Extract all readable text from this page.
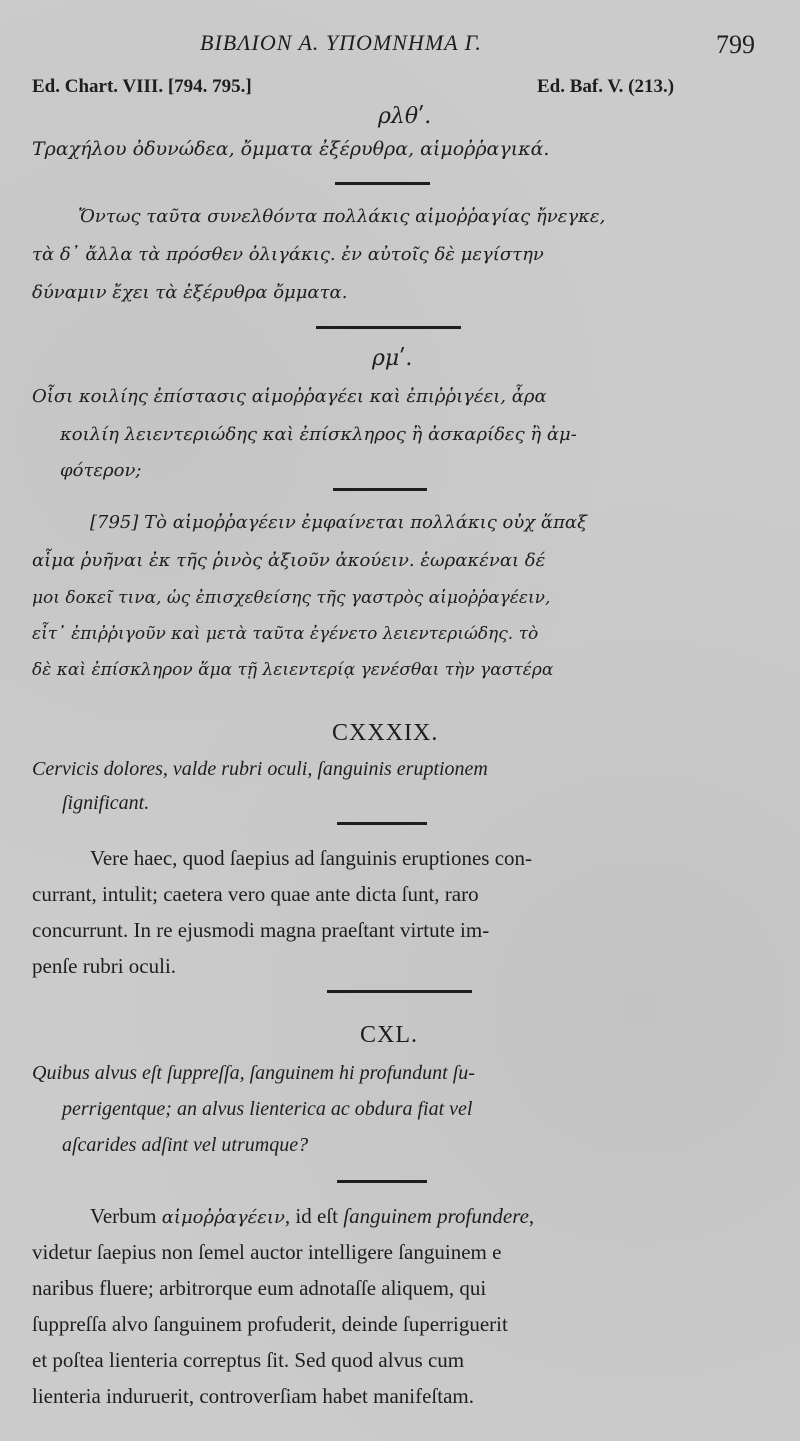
ΒΙΒΛΙΟΝ Α. ΥΠΟΜΝΗΜΑ Γ.	799
Ed. Chart. VIII. [794. 795.]	Ed. Baf. V. (213.)
ρλθʹ.
Τραχήλου ὀδυνώδεα, ὄμματα ἐξέρυθρα, αἱμοῤῥαγικά.
Ὄντως ταῦτα συνελθόντα πολλάκις αἱμοῤῥαγίας ἤνεγκε,
τὰ δ᾽ ἄλλα τὰ πρόσθεν ὀλιγάκις. ἐν αὐτοῖς δὲ μεγίστην
δύναμιν ἔχει τὰ ἐξέρυθρα ὄμματα.
ρμʹ.
Οἷσι κοιλίης ἐπίστασις αἱμοῤῥαγέει καὶ ἐπιῤῥιγέει, ἆρα
κοιλίη λειεντεριώδης καὶ ἐπίσκληρος ἢ ἀσκαρίδες ἢ ἀμ-
φότερον;
[795] Τὸ αἱμοῤῥαγέειν ἐμφαίνεται πολλάκις οὐχ ἅπαξ
αἷμα ῥυῆναι ἐκ τῆς ῥινὸς ἀξιοῦν ἀκούειν. ἑωρακέναι δέ
μοι δοκεῖ τινα, ὡς ἐπισχεθείσης τῆς γαστρὸς αἱμοῤῥαγέειν,
εἶτ᾽ ἐπιῤῥιγοῦν καὶ μετὰ ταῦτα ἐγένετο λειεντεριώδης. τὸ
δὲ καὶ ἐπίσκληρον ἅμα τῇ λειεντερίᾳ γενέσθαι τὴν γαστέρα
CXXXIX.
Cervicis dolores, valde rubri oculi, ſanguinis eruptionem
ſignificant.
Vere haec, quod ſaepius ad ſanguinis eruptiones con-
currant, intulit; caetera vero quae ante dicta ſunt, raro
concurrunt. In re ejusmodi magna praeſtant virtute im-
penſe rubri oculi.
CXL.
Quibus alvus eſt ſuppreſſa, ſanguinem hi profundunt ſu-
perrigentque; an alvus lienterica ac obdura fiat vel
aſcarides adſint vel utrumque?
Verbum αἱμοῤῥαγέειν, id eſt ſanguinem profundere,
videtur ſaepius non ſemel auctor intelligere ſanguinem e
naribus fluere; arbitrorque eum adnotaſſe aliquem, qui
ſuppreſſa alvo ſanguinem profuderit, deinde ſuperriguerit
et poſtea lienteria correptus ſit. Sed quod alvus cum
lienteria induruerit, controverſiam habet manifeſtam.
